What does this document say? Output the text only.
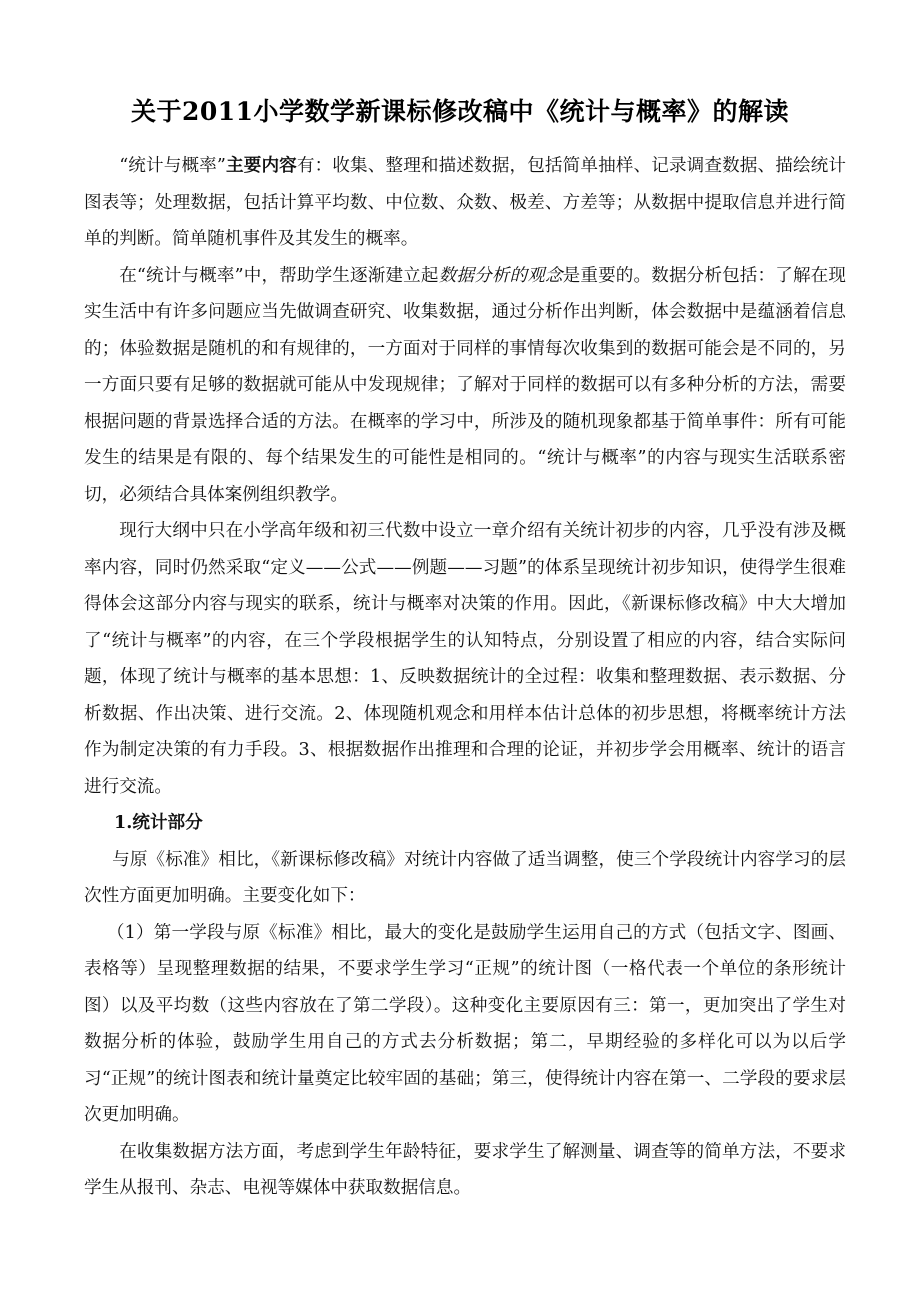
关于2011小学数学新课标修改稿中《统计与概率》的解读

“统计与概率”主要内容有：收集、整理和描述数据，包括简单抽样、记录调查数据、描绘统计图表等；处理数据，包括计算平均数、中位数、众数、极差、方差等；从数据中提取信息并进行简单的判断。简单随机事件及其发生的概率。

在“统计与概率”中，帮助学生逐渐建立起数据分析的观念是重要的。数据分析包括：了解在现实生活中有许多问题应当先做调查研究、收集数据，通过分析作出判断，体会数据中是蕴涵着信息的；体验数据是随机的和有规律的，一方面对于同样的事情每次收集到的数据可能会是不同的，另一方面只要有足够的数据就可能从中发现规律；了解对于同样的数据可以有多种分析的方法，需要根据问题的背景选择合适的方法。在概率的学习中，所涉及的随机现象都基于简单事件：所有可能发生的结果是有限的、每个结果发生的可能性是相同的。“统计与概率”的内容与现实生活联系密切，必须结合具体案例组织教学。

现行大纲中只在小学高年级和初三代数中设立一章介绍有关统计初步的内容，几乎没有涉及概率内容，同时仍然采取“定义——公式——例题——习题”的体系呈现统计初步知识，使得学生很难得体会这部分内容与现实的联系，统计与概率对决策的作用。因此，《新课标修改稿》中大大增加了“统计与概率”的内容，在三个学段根据学生的认知特点，分别设置了相应的内容，结合实际问题，体现了统计与概率的基本思想：1、反映数据统计的全过程：收集和整理数据、表示数据、分析数据、作出决策、进行交流。2、体现随机观念和用样本估计总体的初步思想，将概率统计方法作为制定决策的有力手段。3、根据数据作出推理和合理的论证，并初步学会用概率、统计的语言进行交流。

1.统计部分

与原《标准》相比，《新课标修改稿》对统计内容做了适当调整，使三个学段统计内容学习的层次性方面更加明确。主要变化如下：

（1）第一学段与原《标准》相比，最大的变化是鼓励学生运用自己的方式（包括文字、图画、表格等）呈现整理数据的结果，不要求学生学习“正规”的统计图（一格代表一个单位的条形统计图）以及平均数（这些内容放在了第二学段）。这种变化主要原因有三：第一，更加突出了学生对数据分析的体验，鼓励学生用自己的方式去分析数据；第二，早期经验的多样化可以为以后学习“正规”的统计图表和统计量奠定比较牢固的基础；第三，使得统计内容在第一、二学段的要求层次更加明确。

在收集数据方法方面，考虑到学生年龄特征，要求学生了解测量、调查等的简单方法，不要求学生从报刊、杂志、电视等媒体中获取数据信息。
